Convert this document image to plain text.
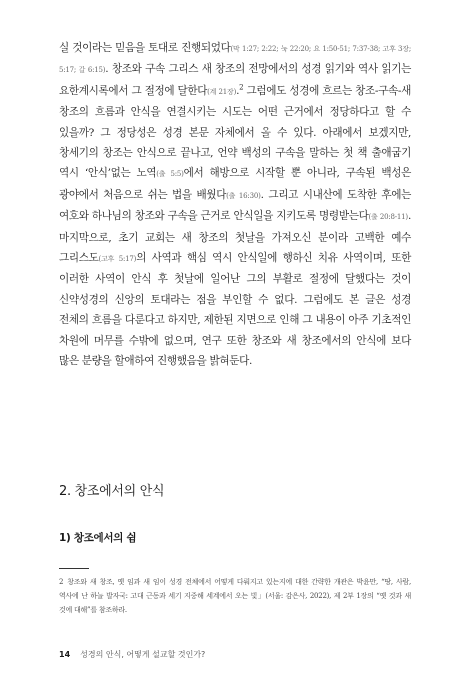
실 것이라는 믿음을 토대로 진행되었다(막 1:27; 2:22; 눅 22:20; 요 1:50-51; 7:37-38; 고후 3장; 5:17; 갈 6:15). 창조와 구속 그리스 새 창조의 전망에서의 성경 읽기와 역사 읽기는 요한계시록에서 그 절정에 달한다(계 21장).$^2$ 그럼에도 성경에 흐르는 창조-구속-새 창조의 흐름과 안식을 연결시키는 시도는 어떤 근거에서 정당하다고 할 수 있을까? 그 정당성은 성경 본문 자체에서 올 수 있다. 아래에서 보겠지만, 창세기의 창조는 안식으로 끝나고, 언약 백성의 구속을 말하는 첫 책 출애굽기 역시 ‘안식’없는 노역(출 5:5)에서 해방으로 시작할 뿐 아니라, 구속된 백성은 광야에서 처음으로 쉬는 법을 배웠다(출 16:30). 그리고 시내산에 도착한 후에는 여호와 하나님의 창조와 구속을 근거로 안식일을 지키도록 명령받는다(출 20:8-11). 마지막으로, 초기 교회는 새 창조의 첫날을 가져오신 분이라 고백한 예수 그리스도(고후 5:17)의 사역과 핵심 역시 안식일에 행하신 치유 사역이며, 또한 이러한 사역이 안식 후 첫날에 일어난 그의 부활로 절정에 달했다는 것이 신약성경의 신앙의 토대라는 점을 부인할 수 없다. 그럼에도 본 글은 성경 전체의 흐름을 다룬다고 하지만, 제한된 지면으로 인해 그 내용이 아주 기초적인 차원에 머무를 수밖에 없으며, 연구 또한 창조와 새 창조에서의 안식에 보다 많은 분량을 할애하여 진행했음을 밝혀둔다.

2. 창조에서의 안식
1) 창조에서의 쉼

2 창조와 새 창조, 옛 임과 새 임이 성경 전체에서 어떻게 다뤄지고 있는지에 대한 간략한 개관은 박윤만, “땅, 사람, 역사에 난 하늘 발자국: 고대 근동과 세기 지중해 세계에서 오는 빛」(서울: 감은사, 2022), 제 2부 1장의 “옛 것과 새 것에 대해”를 참조하라.

14 성경의 안식, 어떻게 설교할 것인가?
